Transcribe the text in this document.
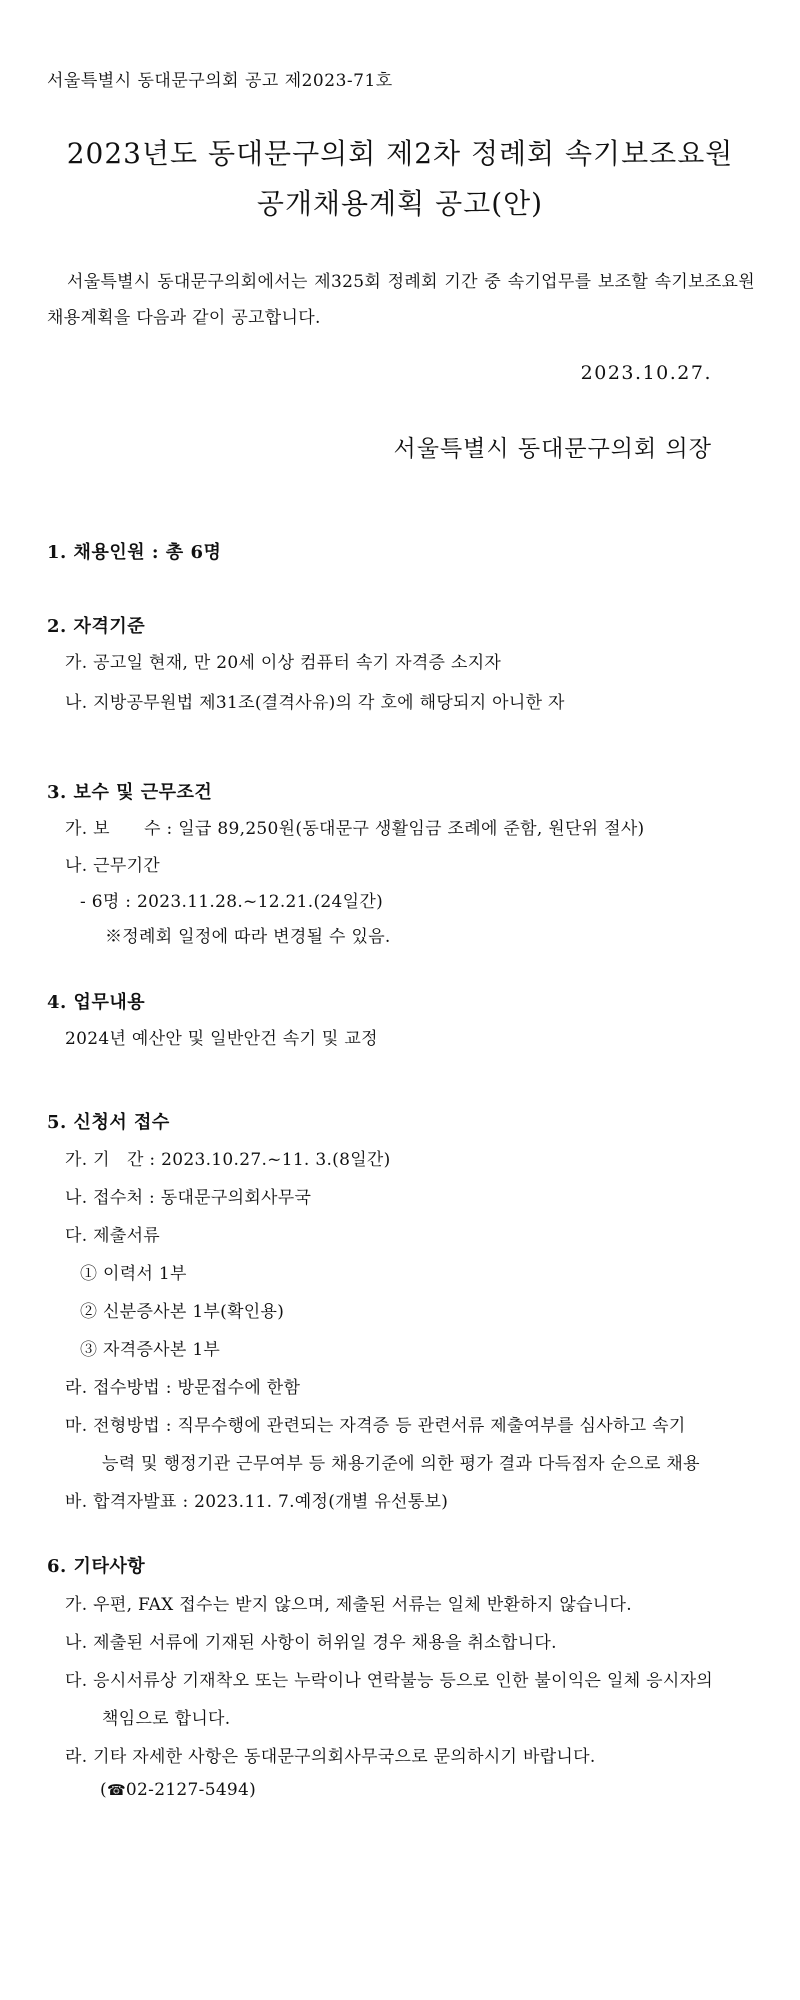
서울특별시 동대문구의회 공고 제2023-71호
2023년도 동대문구의회 제2차 정례회 속기보조요원
공개채용계획 공고(안)
서울특별시 동대문구의회에서는 제325회 정례회 기간 중 속기업무를 보조할 속기보조요원 채용계획을 다음과 같이 공고합니다.
2023.10.27.
서울특별시 동대문구의회 의장
1. 채용인원 : 총 6명
2. 자격기준
가. 공고일 현재, 만 20세 이상 컴퓨터 속기 자격증 소지자
나. 지방공무원법 제31조(결격사유)의 각 호에 해당되지 아니한 자
3. 보수 및 근무조건
가. 보      수 : 일급 89,250원(동대문구 생활임금 조례에 준함, 원단위 절사)
나. 근무기간
- 6명 : 2023.11.28.~12.21.(24일간)
※정례회 일정에 따라 변경될 수 있음.
4. 업무내용
2024년 예산안 및 일반안건 속기 및 교정
5. 신청서 접수
가. 기   간 : 2023.10.27.~11. 3.(8일간)
나. 접수처 : 동대문구의회사무국
다. 제출서류
① 이력서 1부
② 신분증사본 1부(확인용)
③ 자격증사본 1부
라. 접수방법 : 방문접수에 한함
마. 전형방법 : 직무수행에 관련되는 자격증 등 관련서류 제출여부를 심사하고 속기
능력 및 행정기관 근무여부 등 채용기준에 의한 평가 결과 다득점자 순으로 채용
바. 합격자발표 : 2023.11. 7.예정(개별 유선통보)
6. 기타사항
가. 우편, FAX 접수는 받지 않으며, 제출된 서류는 일체 반환하지 않습니다.
나. 제출된 서류에 기재된 사항이 허위일 경우 채용을 취소합니다.
다. 응시서류상 기재착오 또는 누락이나 연락불능 등으로 인한 불이익은 일체 응시자의
책임으로 합니다.
라. 기타 자세한 사항은 동대문구의회사무국으로 문의하시기 바랍니다.
(☎02-2127-5494)
